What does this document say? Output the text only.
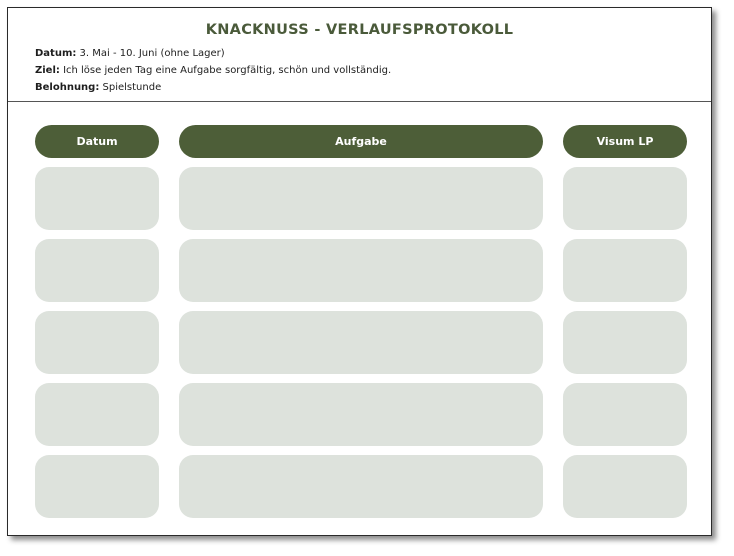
KNACKNUSS - VERLAUFSPROTOKOLL
Datum: 3. Mai - 10. Juni (ohne Lager)
Ziel: Ich löse jeden Tag eine Aufgabe sorgfältig, schön und vollständig.
Belohnung: Spielstunde
Datum	Aufgabe	Visum LP
